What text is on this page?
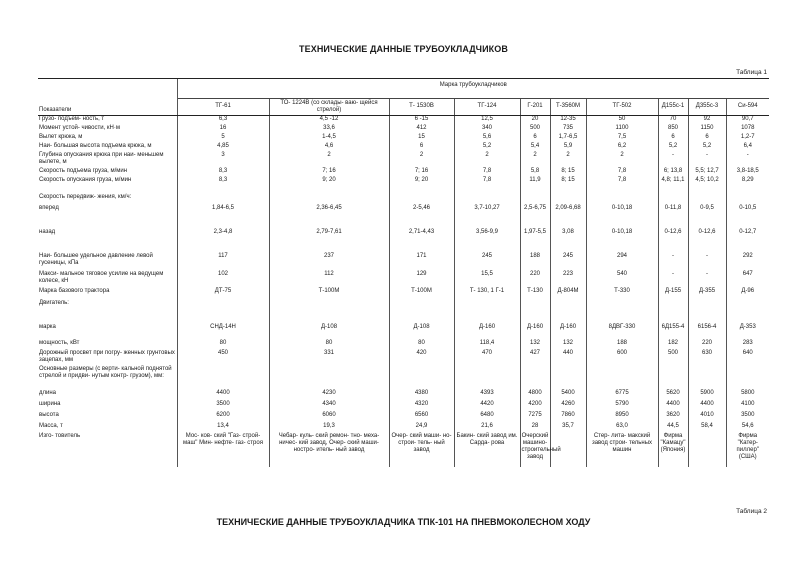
ТЕХНИЧЕСКИЕ ДАННЫЕ ТРУБОУКЛАДЧИКОВ
Таблица 1
Показатели	Марка трубоукладчиков									
	ТГ-61	ТО- 1224В (со склады- ваю- щейся стрелой)	Т- 1530В	ТГ-124	Г-201	Т-3560М	ТГ-502	Д155с-1	Д355с-3	Си-594
Грузо- подъем- ность, т	6,3	4,5 -12	6 -15	12,5	20	12-35	50	70	92	90,7
Момент устой- чивости, кН·м	16	33,6	412	340	500	735	1100	850	1150	1078
Вылет крюка, м	5	1-4,5	15	5,6	6	1,7-6,5	7,5	6	6	1,2-7
Наи- большая высота подъема крюка, м	4,85	4,6	6	5,2	5,4	5,9	6,2	5,2	5,2	6,4
Глубина опускания крюка при наи- меньшем вылете, м	3	2	2	2	2	2	2	-	-	-
Скорость подъема груза, м/мин	8,3	7; 16	7; 16	7,8	5,8	8; 15	7,8	6; 13,8	5,5; 12,7	3,8-18,5
Скорость опускания груза, м/мин	8,3	9; 20	9; 20	7,8	11,9	8; 15	7,8	4,8; 11,1	4,5; 10,2	8,29
Скорость передвиж- жения, км/ч:										
вперед	1,84-6,5	2,36-6,45	2-5,46	3,7-10,27	2,5-6,75	2,09-6,68	0-10,18	0-11,8	0-9,5	0-10,5
назад	2,3-4,8	2,79-7,61	2,71-4,43	3,56-9,9	1,97-5,5	3,08	0-10,18	0-12,6	0-12,6	0-12,7
Наи- большее удельное давление левой гусеницы, кПа	117	237	171	245	188	245	294	-	-	292
Макси- мальное тяговое усилие на ведущем колесе, кН	102	112	129	15,5	220	223	540	-	-	647
Марка базового трактора	ДТ-75	Т-100М	Т-100М	Т- 130, 1 Г-1	Т-130	Д-804М	Т-330	Д-155	Д-355	Д-96
Двигатель:										
марка	СНД-14Н	Д-108	Д-108	Д-160	Д-160	Д-160	8ДВГ-330	6Д155-4	6156-4	Д-353
мощность, кВт	80	80	80	118,4	132	132	188	182	220	283
Дорожный просвет при погру- женных грунтовых зацепах, мм	450	331	420	470	427	440	600	500	630	640
Основные размеры (с верти- кальной поднятой стрелой и придви- нутым контр- грузом), мм:										
длина	4400	4230	4380	4393	4800	5400	6775	5620	5900	5800
ширина	3500	4340	4320	4420	4200	4260	5790	4400	4400	4100
высота	6200	6060	6560	6480	7275	7860	8950	3620	4010	3500
Масса, т	13,4	19,3	24,9	21,6	28	35,7	63,0	44,5	58,4	54,6
Изго- товитель	Мос- ков- ский "Газ- строй- маш" Мин- нефте- газ- строя	Чебар- куль- ский ремон- тно- меха- ничес- кий завод, Очер- ский маши- ностро- итель- ный завод	Очер- ский маши- но- строи- тель- ный завод	Бакин- ский завод им. Сарда- рова	Очерский машино- строительный завод		Стер- лита- макский завод строи- тельных машин	Фирма "Камацу" (Япония)		Фирма "Катер- пиллер" (США)
Таблица 2
ТЕХНИЧЕСКИЕ ДАННЫЕ ТРУБОУКЛАДЧИКА ТПК-101 НА ПНЕВМОКОЛЕСНОМ ХОДУ
